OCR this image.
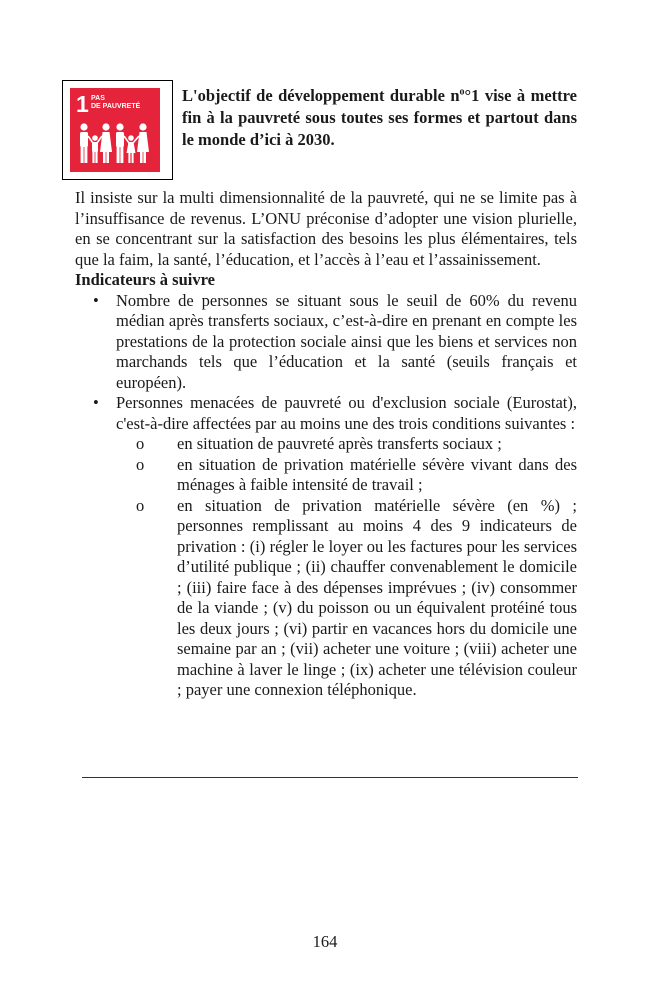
1 PAS
DE PAUVRETÉ
L'objectif de développement durable $n^o^\circ 1$ vise à mettre fin à la pauvreté sous toutes ses formes et partout dans le monde d’ici à 2030.

Il insiste sur la multi dimensionnalité de la pauvreté, qui ne se limite pas à l’insuffisance de revenus. L’ONU préconise d’adopter une vision plurielle, en se concentrant sur la satisfaction des besoins les plus élémentaires, tels que la faim, la santé, l’éducation, et l’accès à l’eau et l’assainissement.

Indicateurs à suivre

• Nombre de personnes se situant sous le seuil de 60% du revenu médian après transferts sociaux, c’est-à-dire en prenant en compte les prestations de la protection sociale ainsi que les biens et services non marchands tels que l’éducation et la santé (seuils français et européen).
• Personnes menacées de pauvreté ou d'exclusion sociale (Eurostat), c'est-à-dire affectées par au moins une des trois conditions suivantes :
o en situation de pauvreté après transferts sociaux ;
o en situation de privation matérielle sévère vivant dans des ménages à faible intensité de travail ;
o en situation de privation matérielle sévère (en %) ; personnes remplissant au moins 4 des 9 indicateurs de privation : (i) régler le loyer ou les factures pour les services d’utilité publique ; (ii) chauffer convenablement le domicile ; (iii) faire face à des dépenses imprévues ; (iv) consommer de la viande ; (v) du poisson ou un équivalent protéiné tous les deux jours ; (vi) partir en vacances hors du domicile une semaine par an ; (vii) acheter une voiture ; (viii) acheter une machine à laver le linge ; (ix) acheter une télévision couleur ; payer une connexion téléphonique.
164
